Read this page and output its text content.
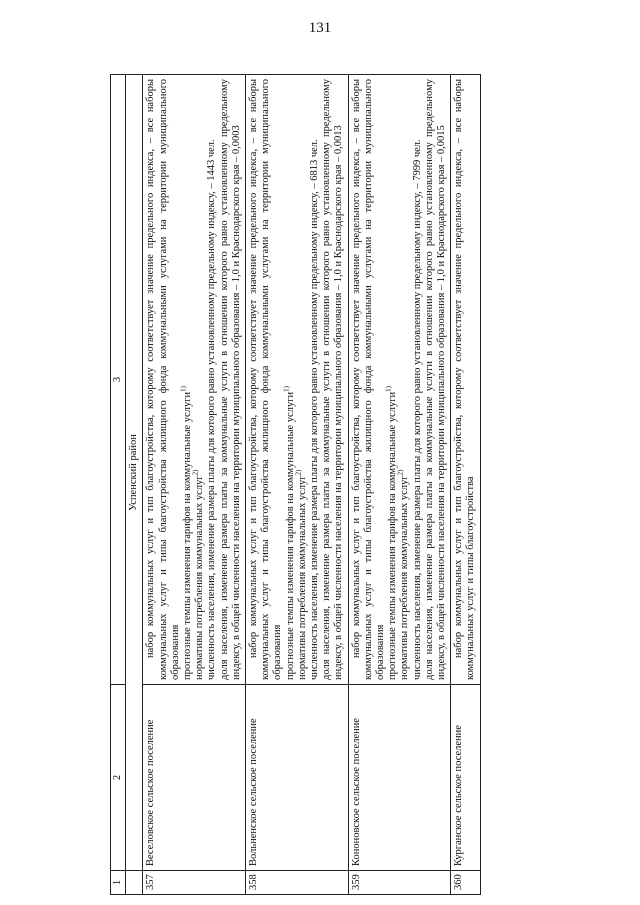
131
1	2	3
	Успенский район	
357	Веселовское сельское поселение	набор коммунальных услуг и тип благоустройства, которому соответствует значение предельного индекса, – все наборы коммунальных услуг и типы благоустройства жилищного фонда коммунальными услугами на территории муниципального образования прогнозные темпы изменения тарифов на коммунальные услуги$^{1)}$

нормативы потребления коммунальных услуг$^{2)}$ численность населения, изменение размера платы для которого равно установленному предельному индексу, – 1443 чел. доля населения, изменение размера платы за коммунальные услуги в отношении которого равно установленному предельному индексу, в общей численности населения на территории муниципального образования – 1,0 и Краснодарского края – 0,0003

358	Вольненское сельское поселение	набор коммунальных услуг и тип благоустройства, которому соответствует значение предельного индекса, – все наборы коммунальных услуг и типы благоустройства жилищного фонда коммунальными услугами на территории муниципального образования прогнозные темпы изменения тарифов на коммунальные услуги$^{1)}$

нормативы потребления коммунальных услуг$^{2)}$ численность населения, изменение размера платы для которого равно установленному предельному индексу, – 6813 чел. доля населения, изменение размера платы за коммунальные услуги в отношении которого равно установленному предельному индексу, в общей численности населения на территории муниципального образования – 1,0 и Краснодарского края – 0,0013

359	Кононовское сельское поселение	набор коммунальных услуг и тип благоустройства, которому соответствует значение предельного индекса, – все наборы коммунальных услуг и типы благоустройства жилищного фонда коммунальными услугами на территории муниципального образования прогнозные темпы изменения тарифов на коммунальные услуги$^{1)}$

нормативы потребления коммунальных услуг$^{2)}$ численность населения, изменение размера платы для которого равно установленному предельному индексу, – 7999 чел. доля населения, изменение размера платы за коммунальные услуги в отношении которого равно установленному предельному индексу, в общей численности населения на территории муниципального образования – 1,0 и Краснодарского края – 0,0015

360	Курганское сельское поселение	набор коммунальных услуг и тип благоустройства, которому соответствует значение предельного индекса, – все наборы коммунальных услуг и типы благоустройства
